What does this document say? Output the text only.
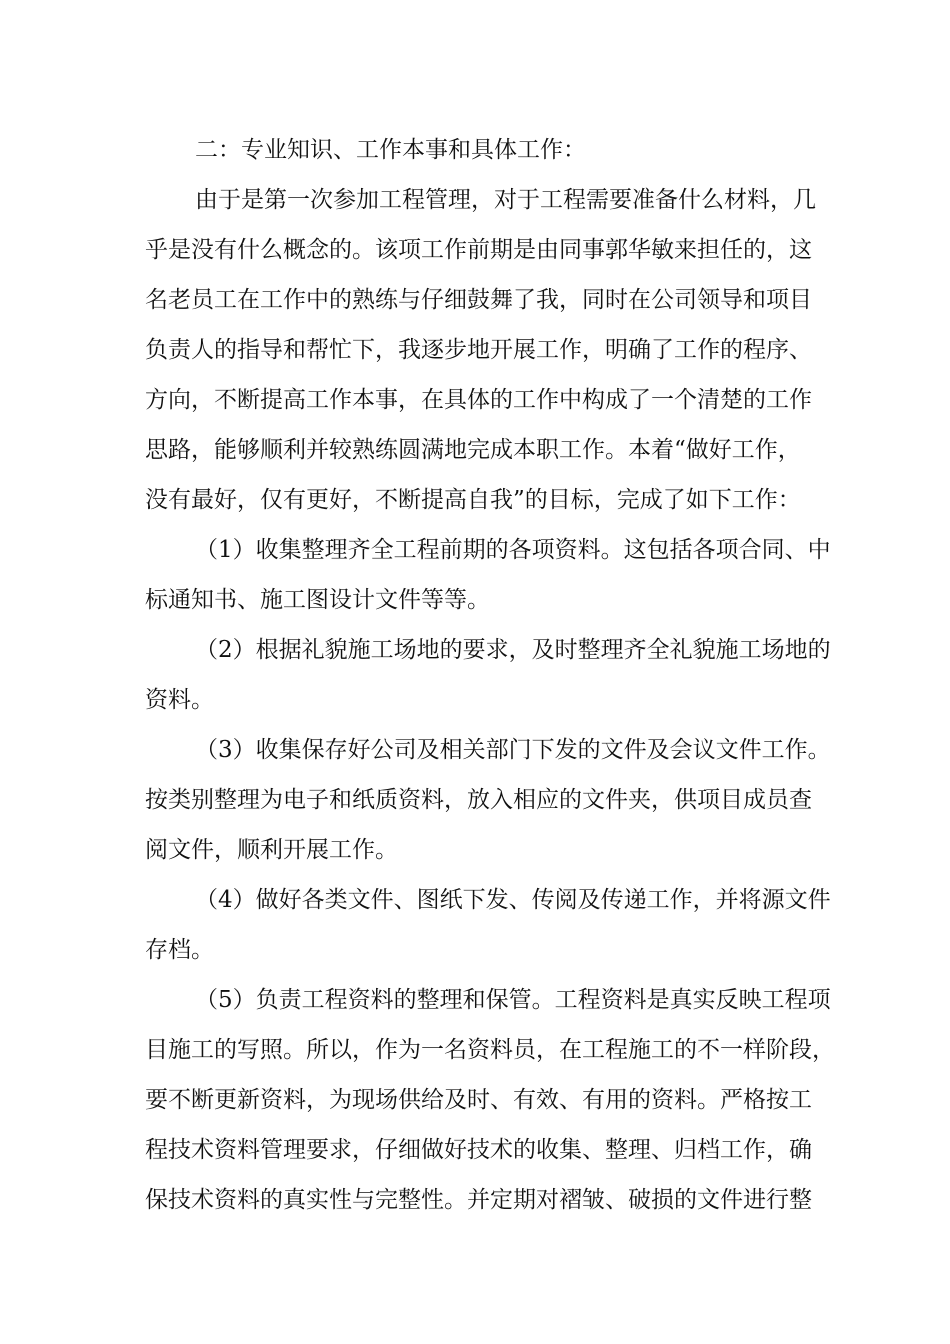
二：专业知识、工作本事和具体工作：
由于是第一次参加工程管理，对于工程需要准备什么材料，几
乎是没有什么概念的。该项工作前期是由同事郭华敏来担任的，这
名老员工在工作中的熟练与仔细鼓舞了我，同时在公司领导和项目
负责人的指导和帮忙下，我逐步地开展工作，明确了工作的程序、
方向，不断提高工作本事，在具体的工作中构成了一个清楚的工作
思路，能够顺利并较熟练圆满地完成本职工作。本着“做好工作，
没有最好，仅有更好，不断提高自我”的目标，完成了如下工作：
（1）收集整理齐全工程前期的各项资料。这包括各项合同、中
标通知书、施工图设计文件等等。
（2）根据礼貌施工场地的要求，及时整理齐全礼貌施工场地的
资料。
（3）收集保存好公司及相关部门下发的文件及会议文件工作。
按类别整理为电子和纸质资料，放入相应的文件夹，供项目成员查
阅文件，顺利开展工作。
（4）做好各类文件、图纸下发、传阅及传递工作，并将源文件
存档。
（5）负责工程资料的整理和保管。工程资料是真实反映工程项
目施工的写照。所以，作为一名资料员，在工程施工的不一样阶段，
要不断更新资料，为现场供给及时、有效、有用的资料。严格按工
程技术资料管理要求，仔细做好技术的收集、整理、归档工作，确
保技术资料的真实性与完整性。并定期对褶皱、破损的文件进行整
